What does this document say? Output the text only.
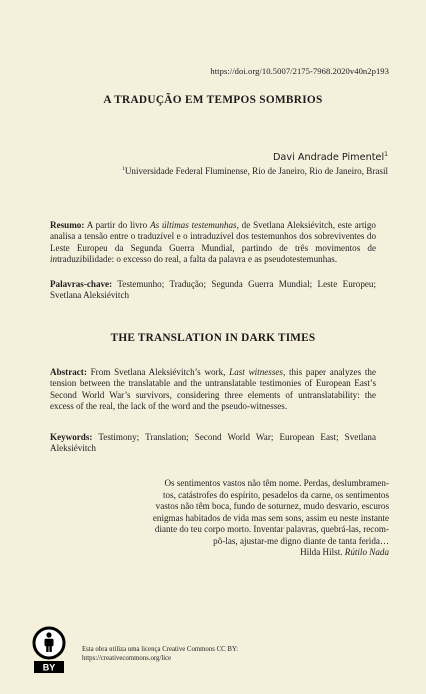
https://doi.org/10.5007/2175-7968.2020v40n2p193
A TRADUÇÃO EM TEMPOS SOMBRIOS
Davi Andrade Pimentel$^1$
$^1$Universidade Federal Fluminense, Rio de Janeiro, Rio de Janeiro, Brasil
Resumo: A partir do livro As últimas testemunhas, de Svetlana Aleksiévitch, este artigo analisa a tensão entre o traduzível e o intraduzível dos testemunhos dos sobreviventes do Leste Europeu da Segunda Guerra Mundial, partindo de três movimentos de intraduzibilidade: o excesso do real, a falta da palavra e as pseudotestemunhas.
Palavras-chave: Testemunho; Tradução; Segunda Guerra Mundial; Leste Europeu; Svetlana Aleksiévitch
THE TRANSLATION IN DARK TIMES
Abstract: From Svetlana Aleksiévitch’s work, Last witnesses, this paper analyzes the tension between the translatable and the untranslatable testimonies of European East’s Second World War’s survivors, considering three elements of untranslatability: the excess of the real, the lack of the word and the pseudo-witnesses.
Keywords: Testimony; Translation; Second World War; European East; Svetlana Aleksiévitch
Os sentimentos vastos não têm nome. Perdas, deslumbramen-
tos, catástrofes do espírito, pesadelos da carne, os sentimentos
vastos não têm boca, fundo de soturnez, mudo desvario, escuros
enigmas habitados de vida mas sem sons, assim eu neste instante
diante do teu corpo morto. Inventar palavras, quebrá-las, recom-
pô-las, ajustar-me digno diante de tanta ferida…
Hilda Hilst. Rútilo Nada
BY
Esta obra utiliza uma licença Creative Commons CC BY:
https://creativecommons.org/lice
